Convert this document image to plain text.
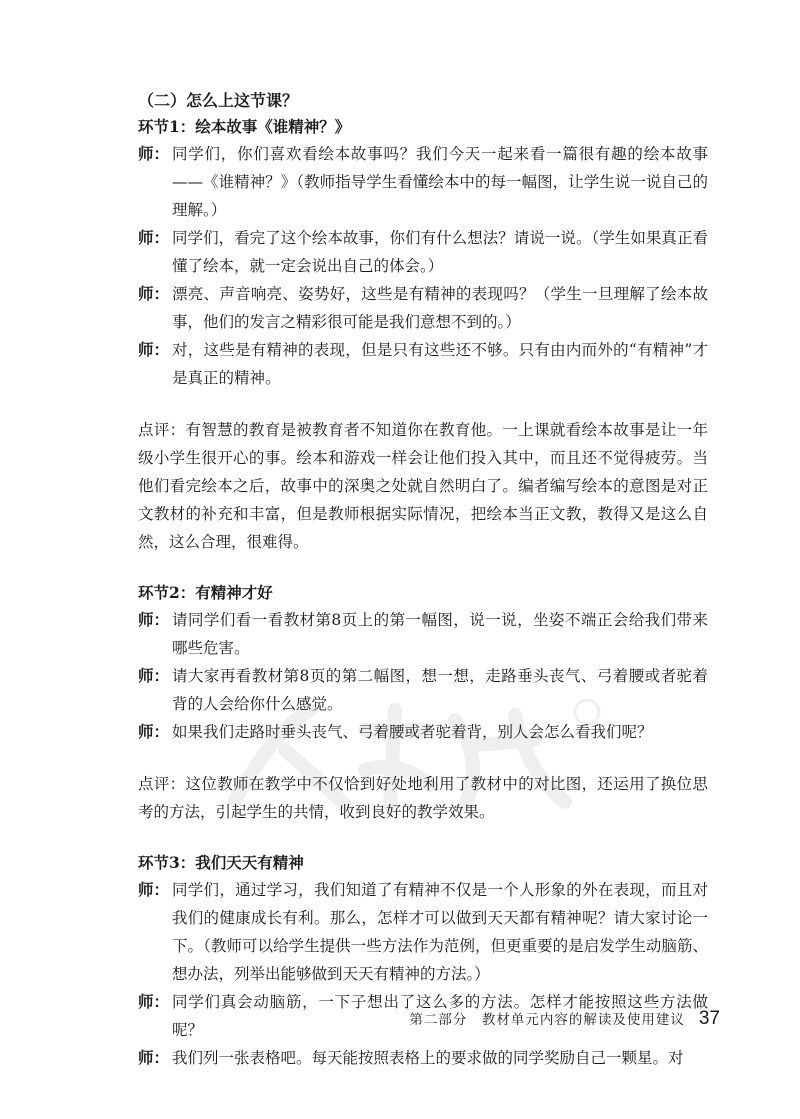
（二）怎么上这节课？

环节1：绘本故事《谁精神？》

师： 同学们，你们喜欢看绘本故事吗？我们今天一起来看一篇很有趣的绘本故事——《谁精神？》（教师指导学生看懂绘本中的每一幅图，让学生说一说自己的理解。）
师： 同学们，看完了这个绘本故事，你们有什么想法？请说一说。（学生如果真正看懂了绘本，就一定会说出自己的体会。）
师： 漂亮、声音响亮、姿势好，这些是有精神的表现吗？（学生一旦理解了绘本故事，他们的发言之精彩很可能是我们意想不到的。）
师： 对，这些是有精神的表现，但是只有这些还不够。只有由内而外的“有精神”才是真正的精神。

点评：有智慧的教育是被教育者不知道你在教育他。一上课就看绘本故事是让一年级小学生很开心的事。绘本和游戏一样会让他们投入其中，而且还不觉得疲劳。当他们看完绘本之后，故事中的深奥之处就自然明白了。编者编写绘本的意图是对正文教材的补充和丰富，但是教师根据实际情况，把绘本当正文教，教得又是这么自然，这么合理，很难得。

环节2：有精神才好

师： 请同学们看一看教材第8页上的第一幅图，说一说，坐姿不端正会给我们带来哪些危害。
师： 请大家再看教材第8页的第二幅图，想一想，走路垂头丧气、弓着腰或者驼着背的人会给你什么感觉。
师： 如果我们走路时垂头丧气、弓着腰或者驼着背，别人会怎么看我们呢？

点评：这位教师在教学中不仅恰到好处地利用了教材中的对比图，还运用了换位思考的方法，引起学生的共情，收到良好的教学效果。

环节3：我们天天有精神

师： 同学们，通过学习，我们知道了有精神不仅是一个人形象的外在表现，而且对我们的健康成长有利。那么，怎样才可以做到天天都有精神呢？请大家讨论一下。（教师可以给学生提供一些方法作为范例，但更重要的是启发学生动脑筋、想办法，列举出能够做到天天有精神的方法。）
师： 同学们真会动脑筋，一下子想出了这么多的方法。怎样才能按照这些方法做呢？
师： 我们列一张表格吧。每天能按照表格上的要求做的同学奖励自己一颗星。对
第二部分　教材单元内容的解读及使用建议 37
